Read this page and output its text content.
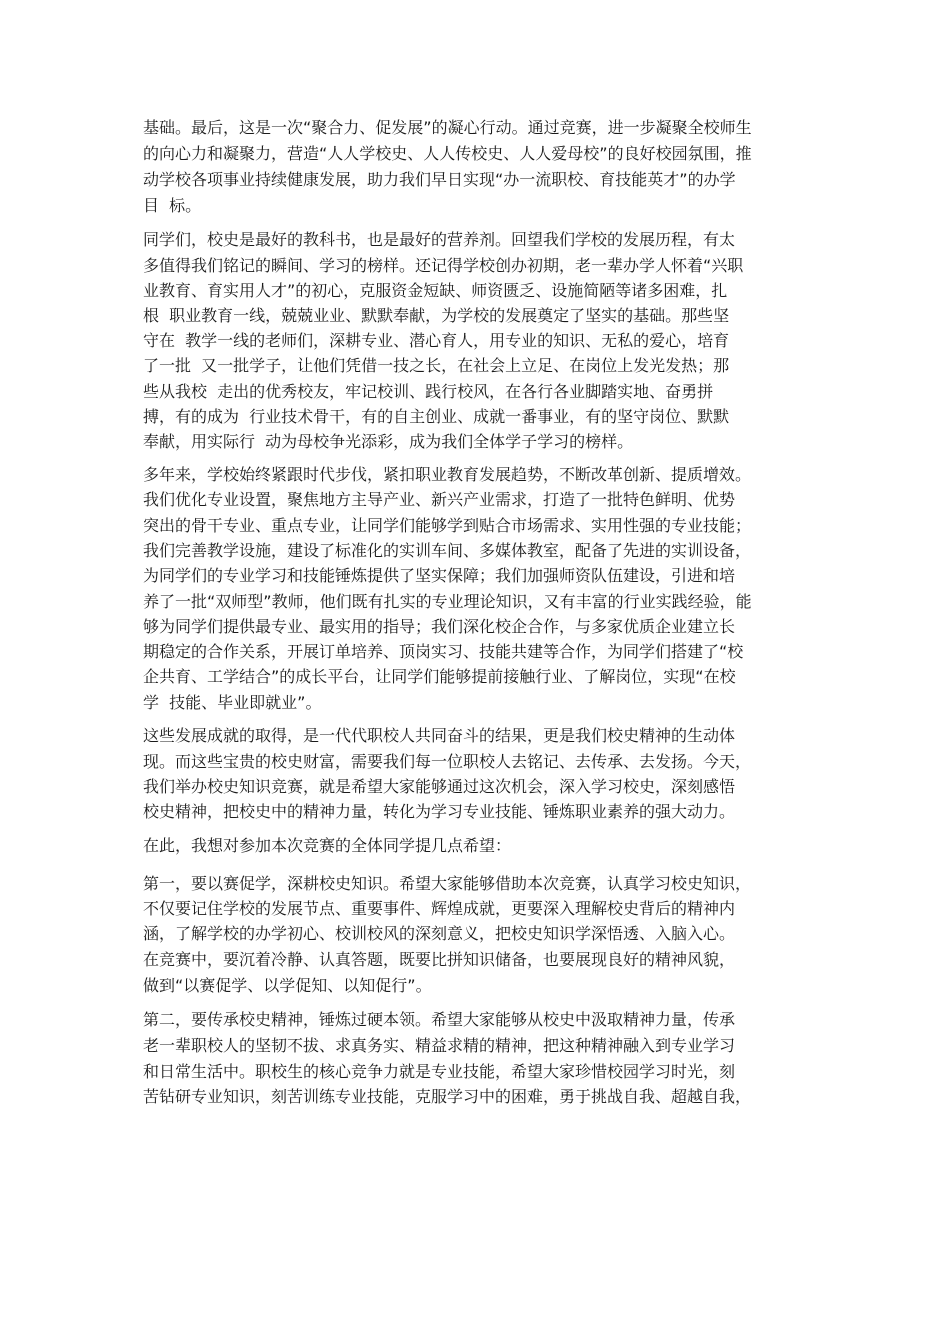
基础。最后，这是一次“聚合力、促发展”的凝心行动。通过竞赛，进一步凝聚全校师生
的向心力和凝聚力，营造“人人学校史、人人传校史、人人爱母校”的良好校园氛围，推
动学校各项事业持续健康发展，助力我们早日实现“办一流职校、育技能英才”的办学
目  标。
同学们，校史是最好的教科书，也是最好的营养剂。回望我们学校的发展历程，有太
多值得我们铭记的瞬间、学习的榜样。还记得学校创办初期，老一辈办学人怀着“兴职
业教育、育实用人才”的初心，克服资金短缺、师资匮乏、设施简陋等诸多困难，扎
根  职业教育一线，兢兢业业、默默奉献，为学校的发展奠定了坚实的基础。那些坚
守在  教学一线的老师们，深耕专业、潜心育人，用专业的知识、无私的爱心，培育
了一批  又一批学子，让他们凭借一技之长，在社会上立足、在岗位上发光发热；那
些从我校  走出的优秀校友，牢记校训、践行校风，在各行各业脚踏实地、奋勇拼
搏，有的成为  行业技术骨干，有的自主创业、成就一番事业，有的坚守岗位、默默
奉献，用实际行  动为母校争光添彩，成为我们全体学子学习的榜样。
多年来，学校始终紧跟时代步伐，紧扣职业教育发展趋势，不断改革创新、提质增效。
我们优化专业设置，聚焦地方主导产业、新兴产业需求，打造了一批特色鲜明、优势
突出的骨干专业、重点专业，让同学们能够学到贴合市场需求、实用性强的专业技能；
我们完善教学设施，建设了标准化的实训车间、多媒体教室，配备了先进的实训设备，
为同学们的专业学习和技能锤炼提供了坚实保障；我们加强师资队伍建设，引进和培
养了一批“双师型”教师，他们既有扎实的专业理论知识，又有丰富的行业实践经验，能
够为同学们提供最专业、最实用的指导；我们深化校企合作，与多家优质企业建立长
期稳定的合作关系，开展订单培养、顶岗实习、技能共建等合作，为同学们搭建了“校
企共育、工学结合”的成长平台，让同学们能够提前接触行业、了解岗位，实现“在校
学  技能、毕业即就业”。
这些发展成就的取得，是一代代职校人共同奋斗的结果，更是我们校史精神的生动体
现。而这些宝贵的校史财富，需要我们每一位职校人去铭记、去传承、去发扬。今天，
我们举办校史知识竞赛，就是希望大家能够通过这次机会，深入学习校史，深刻感悟
校史精神，把校史中的精神力量，转化为学习专业技能、锤炼职业素养的强大动力。
在此，我想对参加本次竞赛的全体同学提几点希望：
第一，要以赛促学，深耕校史知识。希望大家能够借助本次竞赛，认真学习校史知识，
不仅要记住学校的发展节点、重要事件、辉煌成就，更要深入理解校史背后的精神内
涵，了解学校的办学初心、校训校风的深刻意义，把校史知识学深悟透、入脑入心。
在竞赛中，要沉着冷静、认真答题，既要比拼知识储备，也要展现良好的精神风貌，
做到“以赛促学、以学促知、以知促行”。
第二，要传承校史精神，锤炼过硬本领。希望大家能够从校史中汲取精神力量，传承
老一辈职校人的坚韧不拔、求真务实、精益求精的精神，把这种精神融入到专业学习
和日常生活中。职校生的核心竞争力就是专业技能，希望大家珍惜校园学习时光，刻
苦钻研专业知识，刻苦训练专业技能，克服学习中的困难，勇于挑战自我、超越自我，
